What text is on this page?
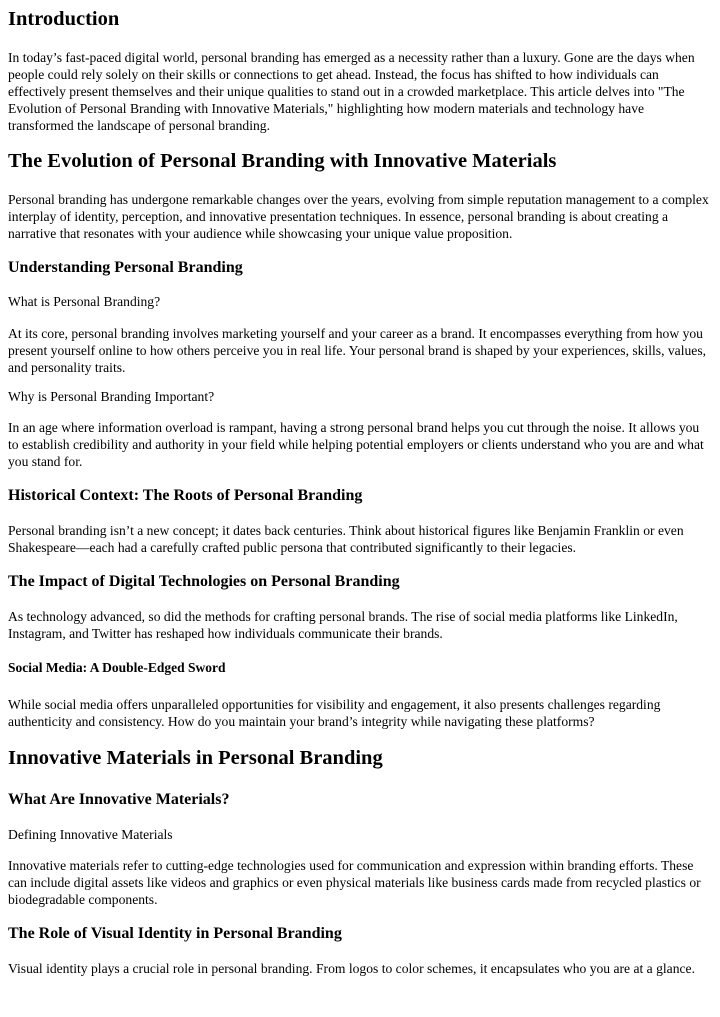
Introduction

In today’s fast-paced digital world, personal branding has emerged as a necessity rather than a luxury. Gone are the days when people could rely solely on their skills or connections to get ahead. Instead, the focus has shifted to how individuals can effectively present themselves and their unique qualities to stand out in a crowded marketplace. This article delves into "The Evolution of Personal Branding with Innovative Materials," highlighting how modern materials and technology have transformed the landscape of personal branding.

The Evolution of Personal Branding with Innovative Materials

Personal branding has undergone remarkable changes over the years, evolving from simple reputation management to a complex interplay of identity, perception, and innovative presentation techniques. In essence, personal branding is about creating a narrative that resonates with your audience while showcasing your unique value proposition.

Understanding Personal Branding

What is Personal Branding?

At its core, personal branding involves marketing yourself and your career as a brand. It encompasses everything from how you present yourself online to how others perceive you in real life. Your personal brand is shaped by your experiences, skills, values, and personality traits.

Why is Personal Branding Important?

In an age where information overload is rampant, having a strong personal brand helps you cut through the noise. It allows you to establish credibility and authority in your field while helping potential employers or clients understand who you are and what you stand for.

Historical Context: The Roots of Personal Branding

Personal branding isn’t a new concept; it dates back centuries. Think about historical figures like Benjamin Franklin or even Shakespeare—each had a carefully crafted public persona that contributed significantly to their legacies.

The Impact of Digital Technologies on Personal Branding

As technology advanced, so did the methods for crafting personal brands. The rise of social media platforms like LinkedIn, Instagram, and Twitter has reshaped how individuals communicate their brands.

Social Media: A Double-Edged Sword

While social media offers unparalleled opportunities for visibility and engagement, it also presents challenges regarding authenticity and consistency. How do you maintain your brand’s integrity while navigating these platforms?

Innovative Materials in Personal Branding
What Are Innovative Materials?

Defining Innovative Materials

Innovative materials refer to cutting-edge technologies used for communication and expression within branding efforts. These can include digital assets like videos and graphics or even physical materials like business cards made from recycled plastics or biodegradable components.

The Role of Visual Identity in Personal Branding

Visual identity plays a crucial role in personal branding. From logos to color schemes, it encapsulates who you are at a glance.
